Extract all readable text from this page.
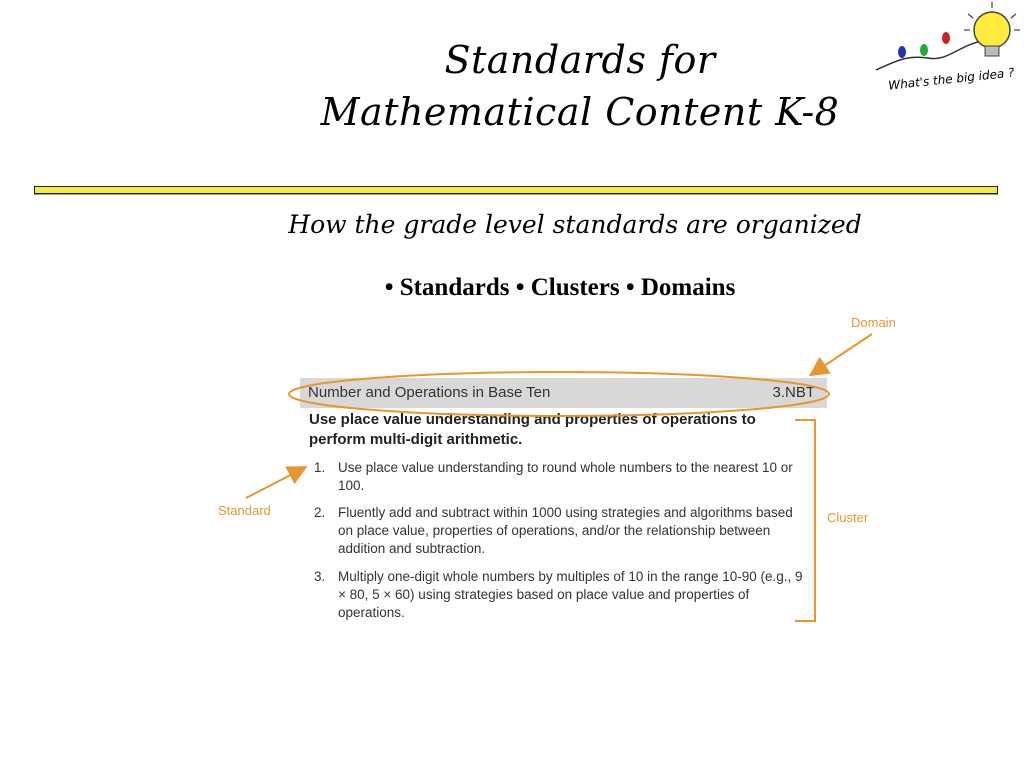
Standards for
Mathematical Content K-8
What's the big idea ?
How the grade level standards are organized
• Standards • Clusters • Domains
Number and Operations in Base Ten	3.NBT
Use place value understanding and properties of operations to perform multi-digit arithmetic.
1. Use place value understanding to round whole numbers to the nearest 10 or 100.
2. Fluently add and subtract within 1000 using strategies and algorithms based on place value, properties of operations, and/or the relationship between addition and subtraction.
3. Multiply one-digit whole numbers by multiples of 10 in the range 10-90 (e.g., 9 × 80, 5 × 60) using strategies based on place value and properties of operations.
Domain
Standard	Cluster
